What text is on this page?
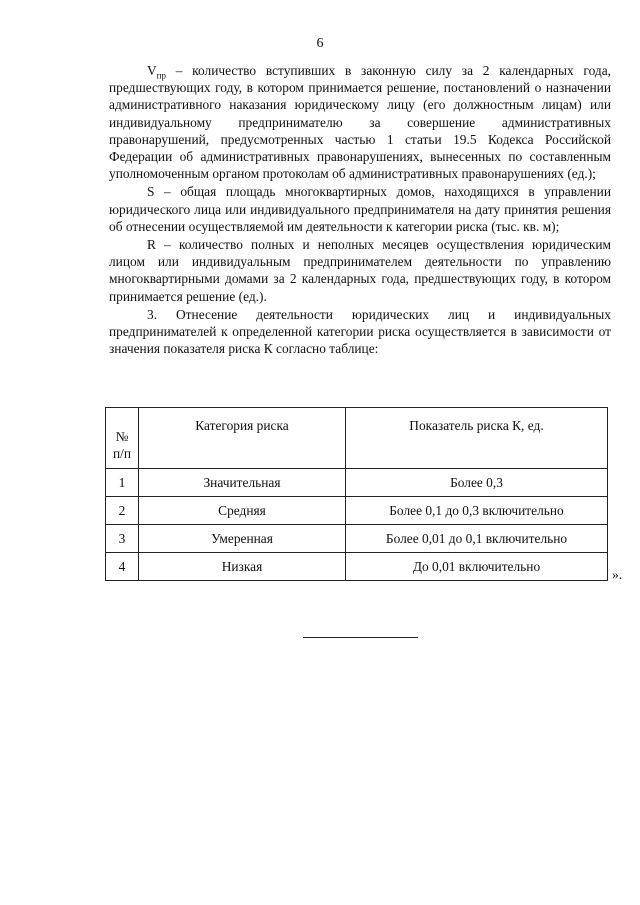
6

$V_{пр}$ – количество вступивших в законную силу за 2 календарных года, предшествующих году, в котором принимается решение, постановлений о назначении административного наказания юридическому лицу (его должностным лицам) или индивидуальному предпринимателю за совершение административных правонарушений, предусмотренных частью 1 статьи 19.5 Кодекса Российской Федерации об административных правонарушениях, вынесенных по составленным уполномоченным органом протоколам об административных правонарушениях (ед.);

S – общая площадь многоквартирных домов, находящихся в управлении юридического лица или индивидуального предпринимателя на дату принятия решения об отнесении осуществляемой им деятельности к категории риска (тыс. кв. м);

R – количество полных и неполных месяцев осуществления юридическим лицом или индивидуальным предпринимателем деятельности по управлению многоквартирными домами за 2 календарных года, предшествующих году, в котором принимается решение (ед.).

3. Отнесение деятельности юридических лиц и индивидуальных предпринимателей к определенной категории риска осуществляется в зависимости от значения показателя риска К согласно таблице:

№
п/п	Категория риска	Показатель риска К, ед.
1	Значительная	Более 0,3
2	Средняя	Более 0,1 до 0,3 включительно
3	Умеренная	Более 0,01 до 0,1 включительно
4	Низкая	До 0,01 включительно
».
